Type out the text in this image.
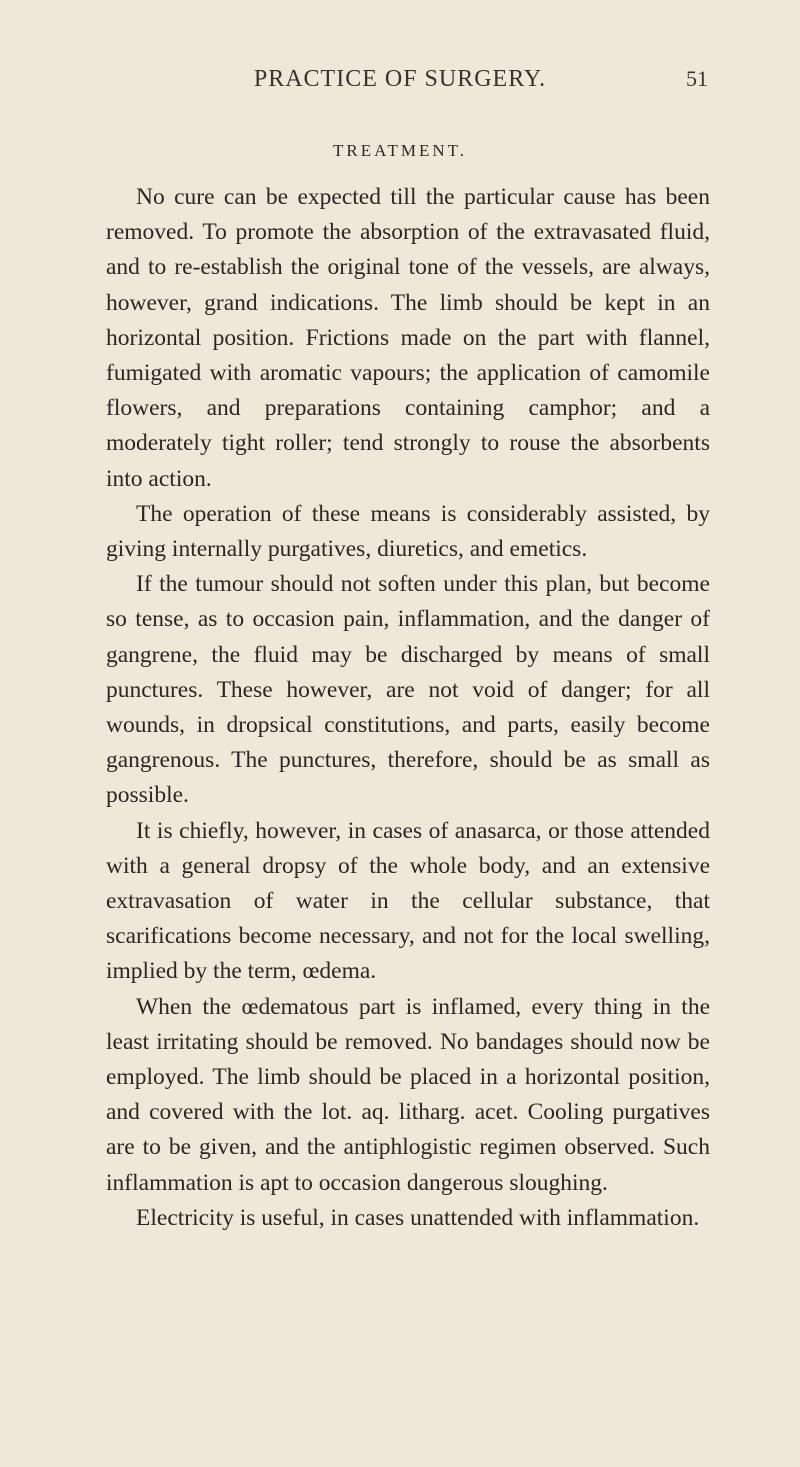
PRACTICE OF SURGERY.	51
TREATMENT.

No cure can be expected till the particular cause has been removed. To promote the absorption of the extravasated fluid, and to re-establish the original tone of the vessels, are always, however, grand indications. The limb should be kept in an horizontal position. Frictions made on the part with flannel, fumigated with aromatic vapours; the application of camomile flowers, and preparations containing camphor; and a moderately tight roller; tend strongly to rouse the absorbents into action.

The operation of these means is considerably assisted, by giving internally purgatives, diuretics, and emetics.

If the tumour should not soften under this plan, but become so tense, as to occasion pain, inflammation, and the danger of gangrene, the fluid may be discharged by means of small punctures. These however, are not void of danger; for all wounds, in dropsical constitutions, and parts, easily become gangrenous. The punctures, therefore, should be as small as possible.

It is chiefly, however, in cases of anasarca, or those attended with a general dropsy of the whole body, and an extensive extravasation of water in the cellular substance, that scarifications become necessary, and not for the local swelling, implied by the term, œdema.

When the œdematous part is inflamed, every thing in the least irritating should be removed. No bandages should now be employed. The limb should be placed in a horizontal position, and covered with the lot. aq. litharg. acet. Cooling purgatives are to be given, and the antiphlogistic regimen observed. Such inflammation is apt to occasion dangerous sloughing.

Electricity is useful, in cases unattended with inflammation.
